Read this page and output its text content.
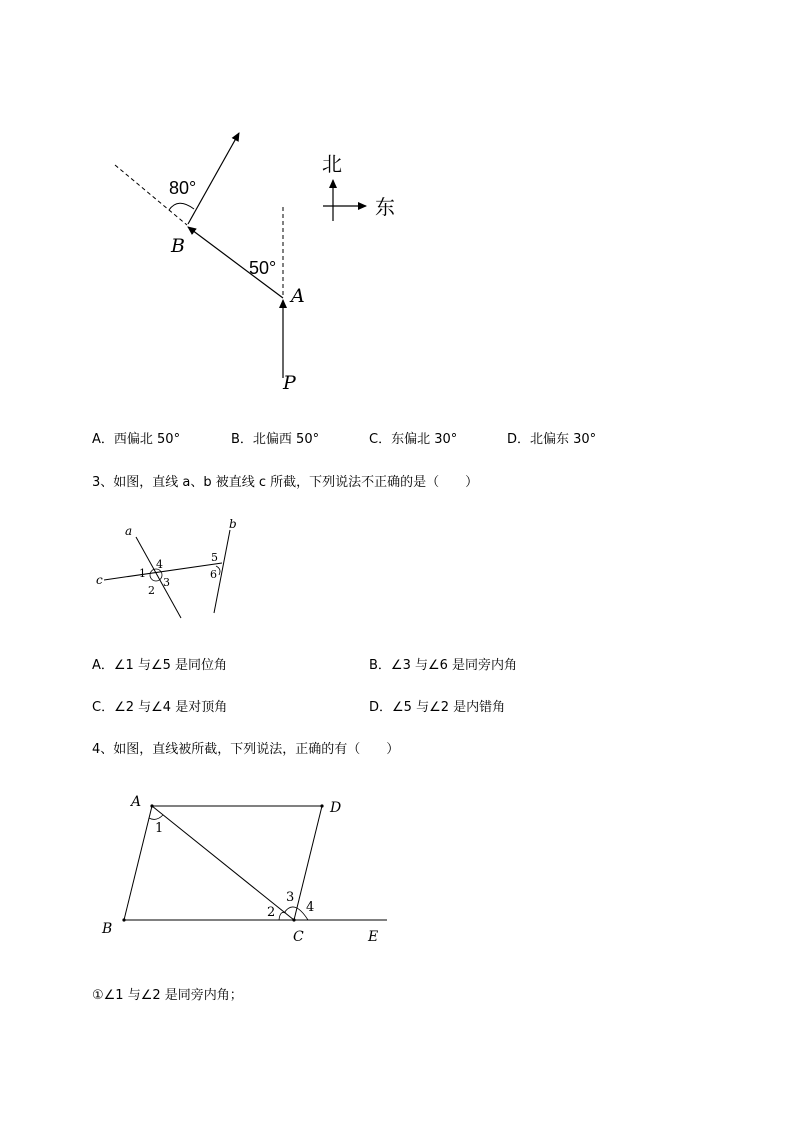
80°
50°
B
A
P
北
东
A．西偏北 50°	B．北偏西 50°	C．东偏北 30°	D．北偏东 30°
3、如图，直线 a、b 被直线 c 所截，下列说法不正确的是（　　）
a	b
c	1
2
3
4
5
6
A．∠1 与∠5 是同位角	B．∠3 与∠6 是同旁内角
C．∠2 与∠4 是对顶角	D．∠5 与∠2 是内错角
4、如图，直线被所截，下列说法，正确的有（　　）
A
B	C
D
E
1
2
3
4
①∠1 与∠2 是同旁内角；
